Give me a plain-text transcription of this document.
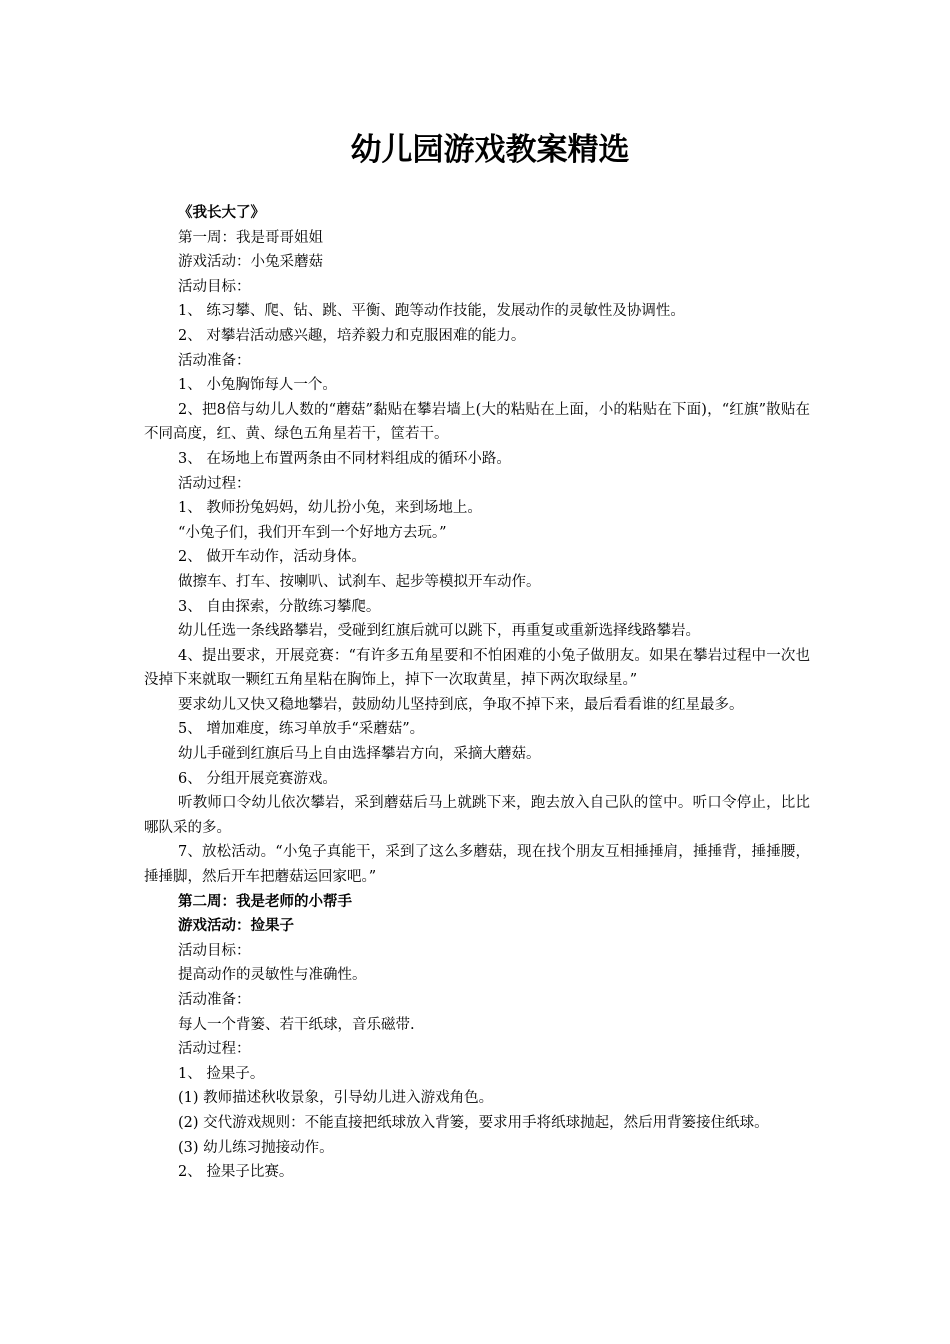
幼儿园游戏教案精选

《我长大了》

第一周：我是哥哥姐姐

游戏活动：小兔采蘑菇

活动目标：

1、 练习攀、爬、钻、跳、平衡、跑等动作技能，发展动作的灵敏性及协调性。

2、 对攀岩活动感兴趣，培养毅力和克服困难的能力。

活动准备：

1、 小兔胸饰每人一个。

2、把8倍与幼儿人数的“蘑菇”黏贴在攀岩墙上(大的粘贴在上面，小的粘贴在下面)，“红旗”散贴在不同高度，红、黄、绿色五角星若干，筐若干。

3、 在场地上布置两条由不同材料组成的循环小路。

活动过程：

1、 教师扮兔妈妈，幼儿扮小兔，来到场地上。

“小兔子们，我们开车到一个好地方去玩。”

2、 做开车动作，活动身体。

做擦车、打车、按喇叭、试刹车、起步等模拟开车动作。

3、 自由探索，分散练习攀爬。

幼儿任选一条线路攀岩，受碰到红旗后就可以跳下，再重复或重新选择线路攀岩。

4、提出要求，开展竞赛：“有许多五角星要和不怕困难的小兔子做朋友。如果在攀岩过程中一次也没掉下来就取一颗红五角星粘在胸饰上，掉下一次取黄星，掉下两次取绿星。”

要求幼儿又快又稳地攀岩，鼓励幼儿坚持到底，争取不掉下来，最后看看谁的红星最多。

5、 增加难度，练习单放手“采蘑菇”。

幼儿手碰到红旗后马上自由选择攀岩方向，采摘大蘑菇。

6、 分组开展竞赛游戏。

听教师口令幼儿依次攀岩，采到蘑菇后马上就跳下来，跑去放入自己队的筐中。听口令停止，比比哪队采的多。

7、放松活动。“小兔子真能干，采到了这么多蘑菇，现在找个朋友互相捶捶肩，捶捶背，捶捶腰，捶捶脚，然后开车把蘑菇运回家吧。”

第二周：我是老师的小帮手

游戏活动：捡果子

活动目标：

提高动作的灵敏性与准确性。

活动准备：

每人一个背篓、若干纸球，音乐磁带.

活动过程：

1、 捡果子。

(1) 教师描述秋收景象，引导幼儿进入游戏角色。

(2) 交代游戏规则：不能直接把纸球放入背篓，要求用手将纸球抛起，然后用背篓接住纸球。

(3) 幼儿练习抛接动作。

2、 捡果子比赛。
